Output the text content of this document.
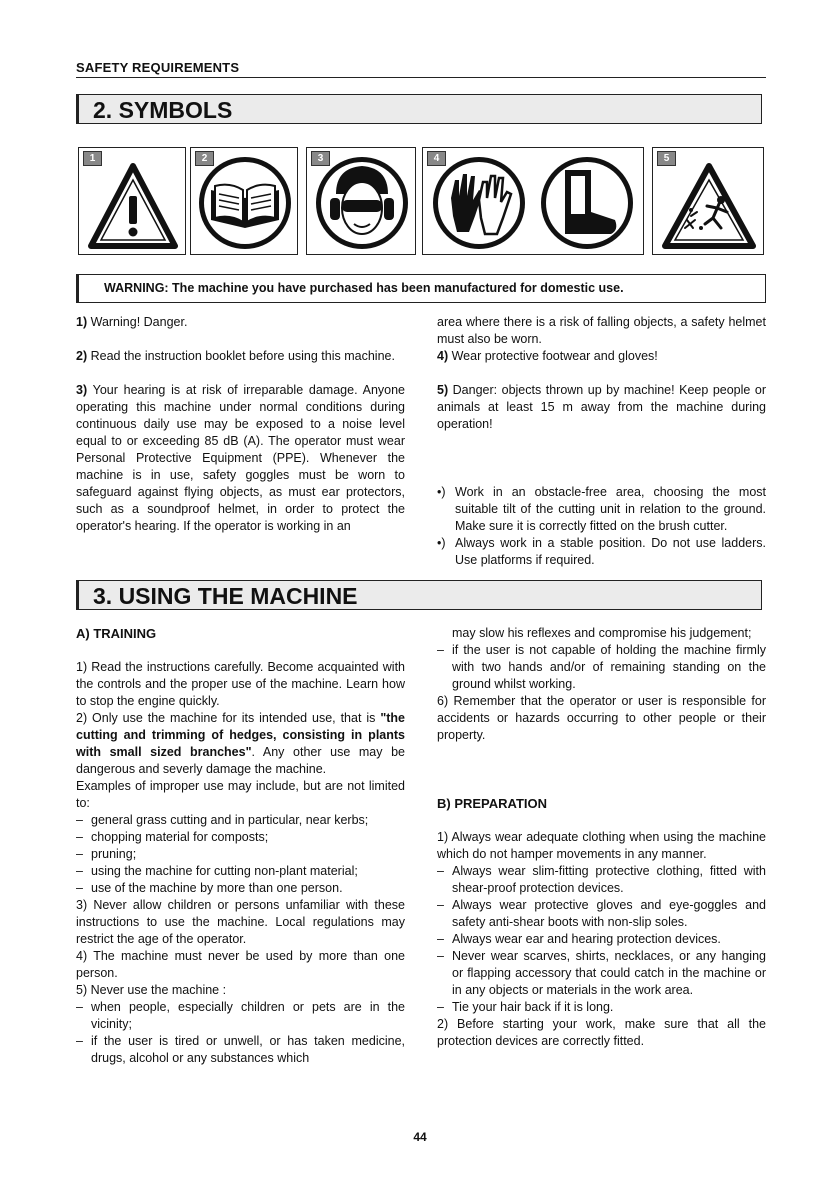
SAFETY REQUIREMENTS
2. SYMBOLS
1	2	3	4	5
WARNING: The machine you have purchased has been manufactured for domestic use.

1) Warning! Danger.

2) Read the instruction booklet before using this machine.

3) Your hearing is at risk of irreparable damage. Anyone operating this machine under normal conditions during continuous daily use may be exposed to a noise level equal to or exceeding 85 dB (A). The operator must wear Personal Protective Equipment (PPE). Whenever the machine is in use, safety goggles must be worn to safeguard against flying objects, as must ear protectors, such as a soundproof helmet, in order to protect the operator's hearing. If the operator is working in an

area where there is a risk of falling objects, a safety helmet must also be worn.

4) Wear protective footwear and gloves!

5) Danger: objects thrown up by machine! Keep people or animals at least 15 m away from the machine during operation!

•) Work in an obstacle-free area, choosing the most suitable tilt of the cutting unit in relation to the ground. Make sure it is correctly fitted on the brush cutter.

•) Always work in a stable position. Do not use ladders. Use platforms if required.

3. USING THE MACHINE

A) TRAINING

1) Read the instructions carefully. Become acquainted with the controls and the proper use of the machine. Learn how to stop the engine quickly.

2) Only use the machine for its intended use, that is "the cutting and trimming of hedges, consisting in plants with small sized branches". Any other use may be dangerous and severly damage the machine.

Examples of improper use may include, but are not limited to:

– general grass cutting and in particular, near kerbs;

– chopping material for composts;

– pruning;

– using the machine for cutting non-plant material;

– use of the machine by more than one person.

3) Never allow children or persons unfamiliar with these instructions to use the machine. Local regulations may restrict the age of the operator.

4) The machine must never be used by more than one person.

5) Never use the machine :

– when people, especially children or pets are in the vicinity;

– if the user is tired or unwell, or has taken medicine, drugs, alcohol or any substances which

may slow his reflexes and compromise his judgement;

– if the user is not capable of holding the machine firmly with two hands and/or of remaining standing on the ground whilst working.

6) Remember that the operator or user is responsible for accidents or hazards occurring to other people or their property.

B) PREPARATION

1) Always wear adequate clothing when using the machine which do not hamper movements in any manner.

– Always wear slim-fitting protective clothing, fitted with shear-proof protection devices.

– Always wear protective gloves and eye-goggles and safety anti-shear boots with non-slip soles.

– Always wear ear and hearing protection devices.

– Never wear scarves, shirts, necklaces, or any hanging or flapping accessory that could catch in the machine or in any objects or materials in the work area.

– Tie your hair back if it is long.

2) Before starting your work, make sure that all the protection devices are correctly fitted.

44
